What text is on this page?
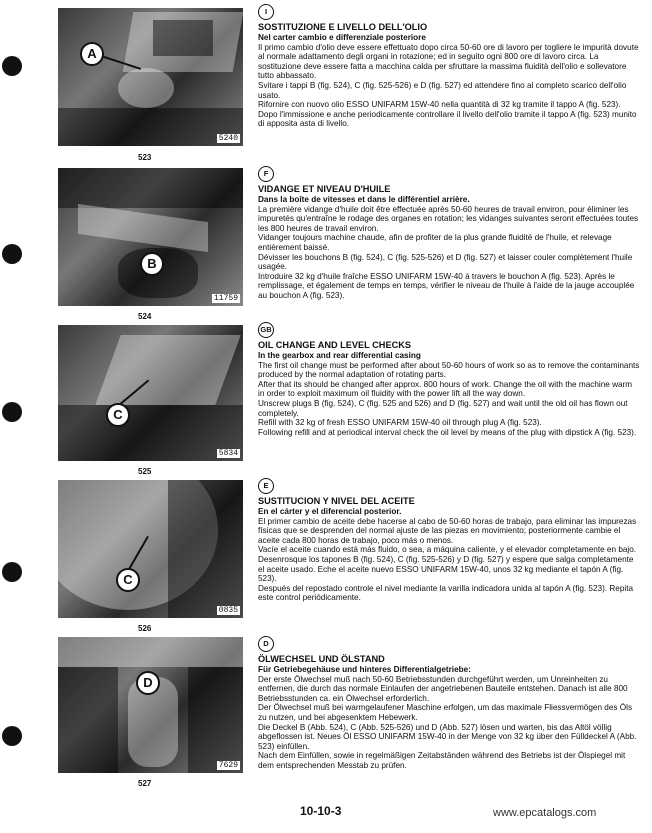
A
5240
523
B
11759
524
C
5834
525
C
0835
526
D
7629
527
I

SOSTITUZIONE E LIVELLO DELL'OLIO

Nel carter cambio e differenziale posteriore

Il primo cambio d'olio deve essere effettuato dopo circa 50-60 ore di lavoro per togliere le impurità dovute al normale adattamento degli organi in rotazione; ed in seguito ogni 800 ore di lavoro circa. La sostituzione deve essere fatta a macchina calda per sfruttare la massima fluidità dell'olio e sollevatore tutto abbassato.

Svitare i tappi B (fig. 524), C (fig. 525-526) e D (fig. 527) ed attendere fino al completo scarico dell'olio usato.

Rifornire con nuovo olio ESSO UNIFARM 15W-40 nella quantità di 32 kg tramite il tappo A (fig. 523).

Dopo l'immissione e anche periodicamente controllare il livello dell'olio tramite il tappo A (fig. 523) munito di apposita asta di livello.

F

VIDANGE ET NIVEAU D'HUILE

Dans la boîte de vitesses et dans le différentiel arrière.

La première vidange d'huile doit être effectuée après 50-60 heures de travail environ, pour éliminer les impuretés qu'entraîne le rodage des organes en rotation; les vidanges suivantes seront effectuées toutes les 800 heures de travail environ.

Vidanger toujours machine chaude, afin de profiter de la plus grande fluidité de l'huile, et relevage entièrement baissé.

Dévisser les bouchons B (fig. 524), C (fig. 525-526) et D (fig. 527) et laisser couler complètement l'huile usagée.

Introduire 32 kg d'huile fraîche ESSO UNIFARM 15W-40 à travers le bouchon A (fig. 523). Après le remplissage, et également de temps en temps, vérifier le niveau de l'huile à l'aide de la jauge accouplée au bouchon A (fig. 523).

GB

OIL CHANGE AND LEVEL CHECKS

In the gearbox and rear differential casing

The first oil change must be performed after about 50-60 hours of work so as to remove the contaminants produced by the normal adaptation of rotating parts.

After that its should be changed after approx. 800 hours of work. Change the oil with the machine warm in order to exploit maximum oil fluidity with the power lift all the way down.

Unscrew plugs B (fig. 524), C (fig. 525 and 526) and D (fig. 527) and wait until the old oil has flown out completely.

Refill with 32 kg of fresh ESSO UNIFARM 15W-40 oil through plug A (fig. 523).

Following refill and at periodical interval check the oil level by means of the plug with dipstick A (fig. 523).

E

SUSTITUCION Y NIVEL DEL ACEITE

En el cárter y el diferencial posterior.

El primer cambio de aceite debe hacerse al cabo de 50-60 horas de trabajo, para eliminar las impurezas físicas que se desprenden del normal ajuste de las piezas en movimiento; posteriormente cambie el aceite cada 800 horas de trabajo, poco más o menos.

Vacíe el aceite cuando está más fluido, o sea, a máquina caliente, y el elevador completamente en bajo.

Desenrosque los tapones B (fig. 524), C (fig. 525-526) y D (fig. 527) y espere que salga completamente el aceite usado. Eche el aceite nuevo ESSO UNIFARM 15W-40, unos 32 kg mediante el tapón A (fig. 523).

Después del repostado controle el nivel mediante la varilla indicadora unida al tapón A (fig. 523). Repita este control periódicamente.

D

ÖLWECHSEL UND ÖLSTAND

Für Getriebegehäuse und hinteres Differentialgetriebe:

Der erste Ölwechsel muß nach 50-60 Betriebsstunden durchgeführt werden, um Unreinheiten zu entfernen, die durch das normale Einlaufen der angetriebenen Bauteile entstehen. Danach ist alle 800 Betriebsstunden ca. ein Ölwechsel erforderlich.

Der Ölwechsel muß bei warmgelaufener Maschine erfolgen, um das maximale Fliessvermögen des Öls zu nutzen, und bei abgesenktem Hebewerk.

Die Deckel B (Abb. 524), C (Abb. 525-526) und D (Abb. 527) lösen und warten, bis das Altöl völlig abgeflossen ist. Neues Öl ESSO UNIFARM 15W-40 in der Menge von 32 kg über den Fülldeckel A (Abb. 523) einfüllen.

Nach dem Einfüllen, sowie in regelmäßigen Zeitabständen während des Betriebs ist der Ölspiegel mit dem entsprechenden Messtab zu prüfen.

10-10-3	www.epcatalogs.com
